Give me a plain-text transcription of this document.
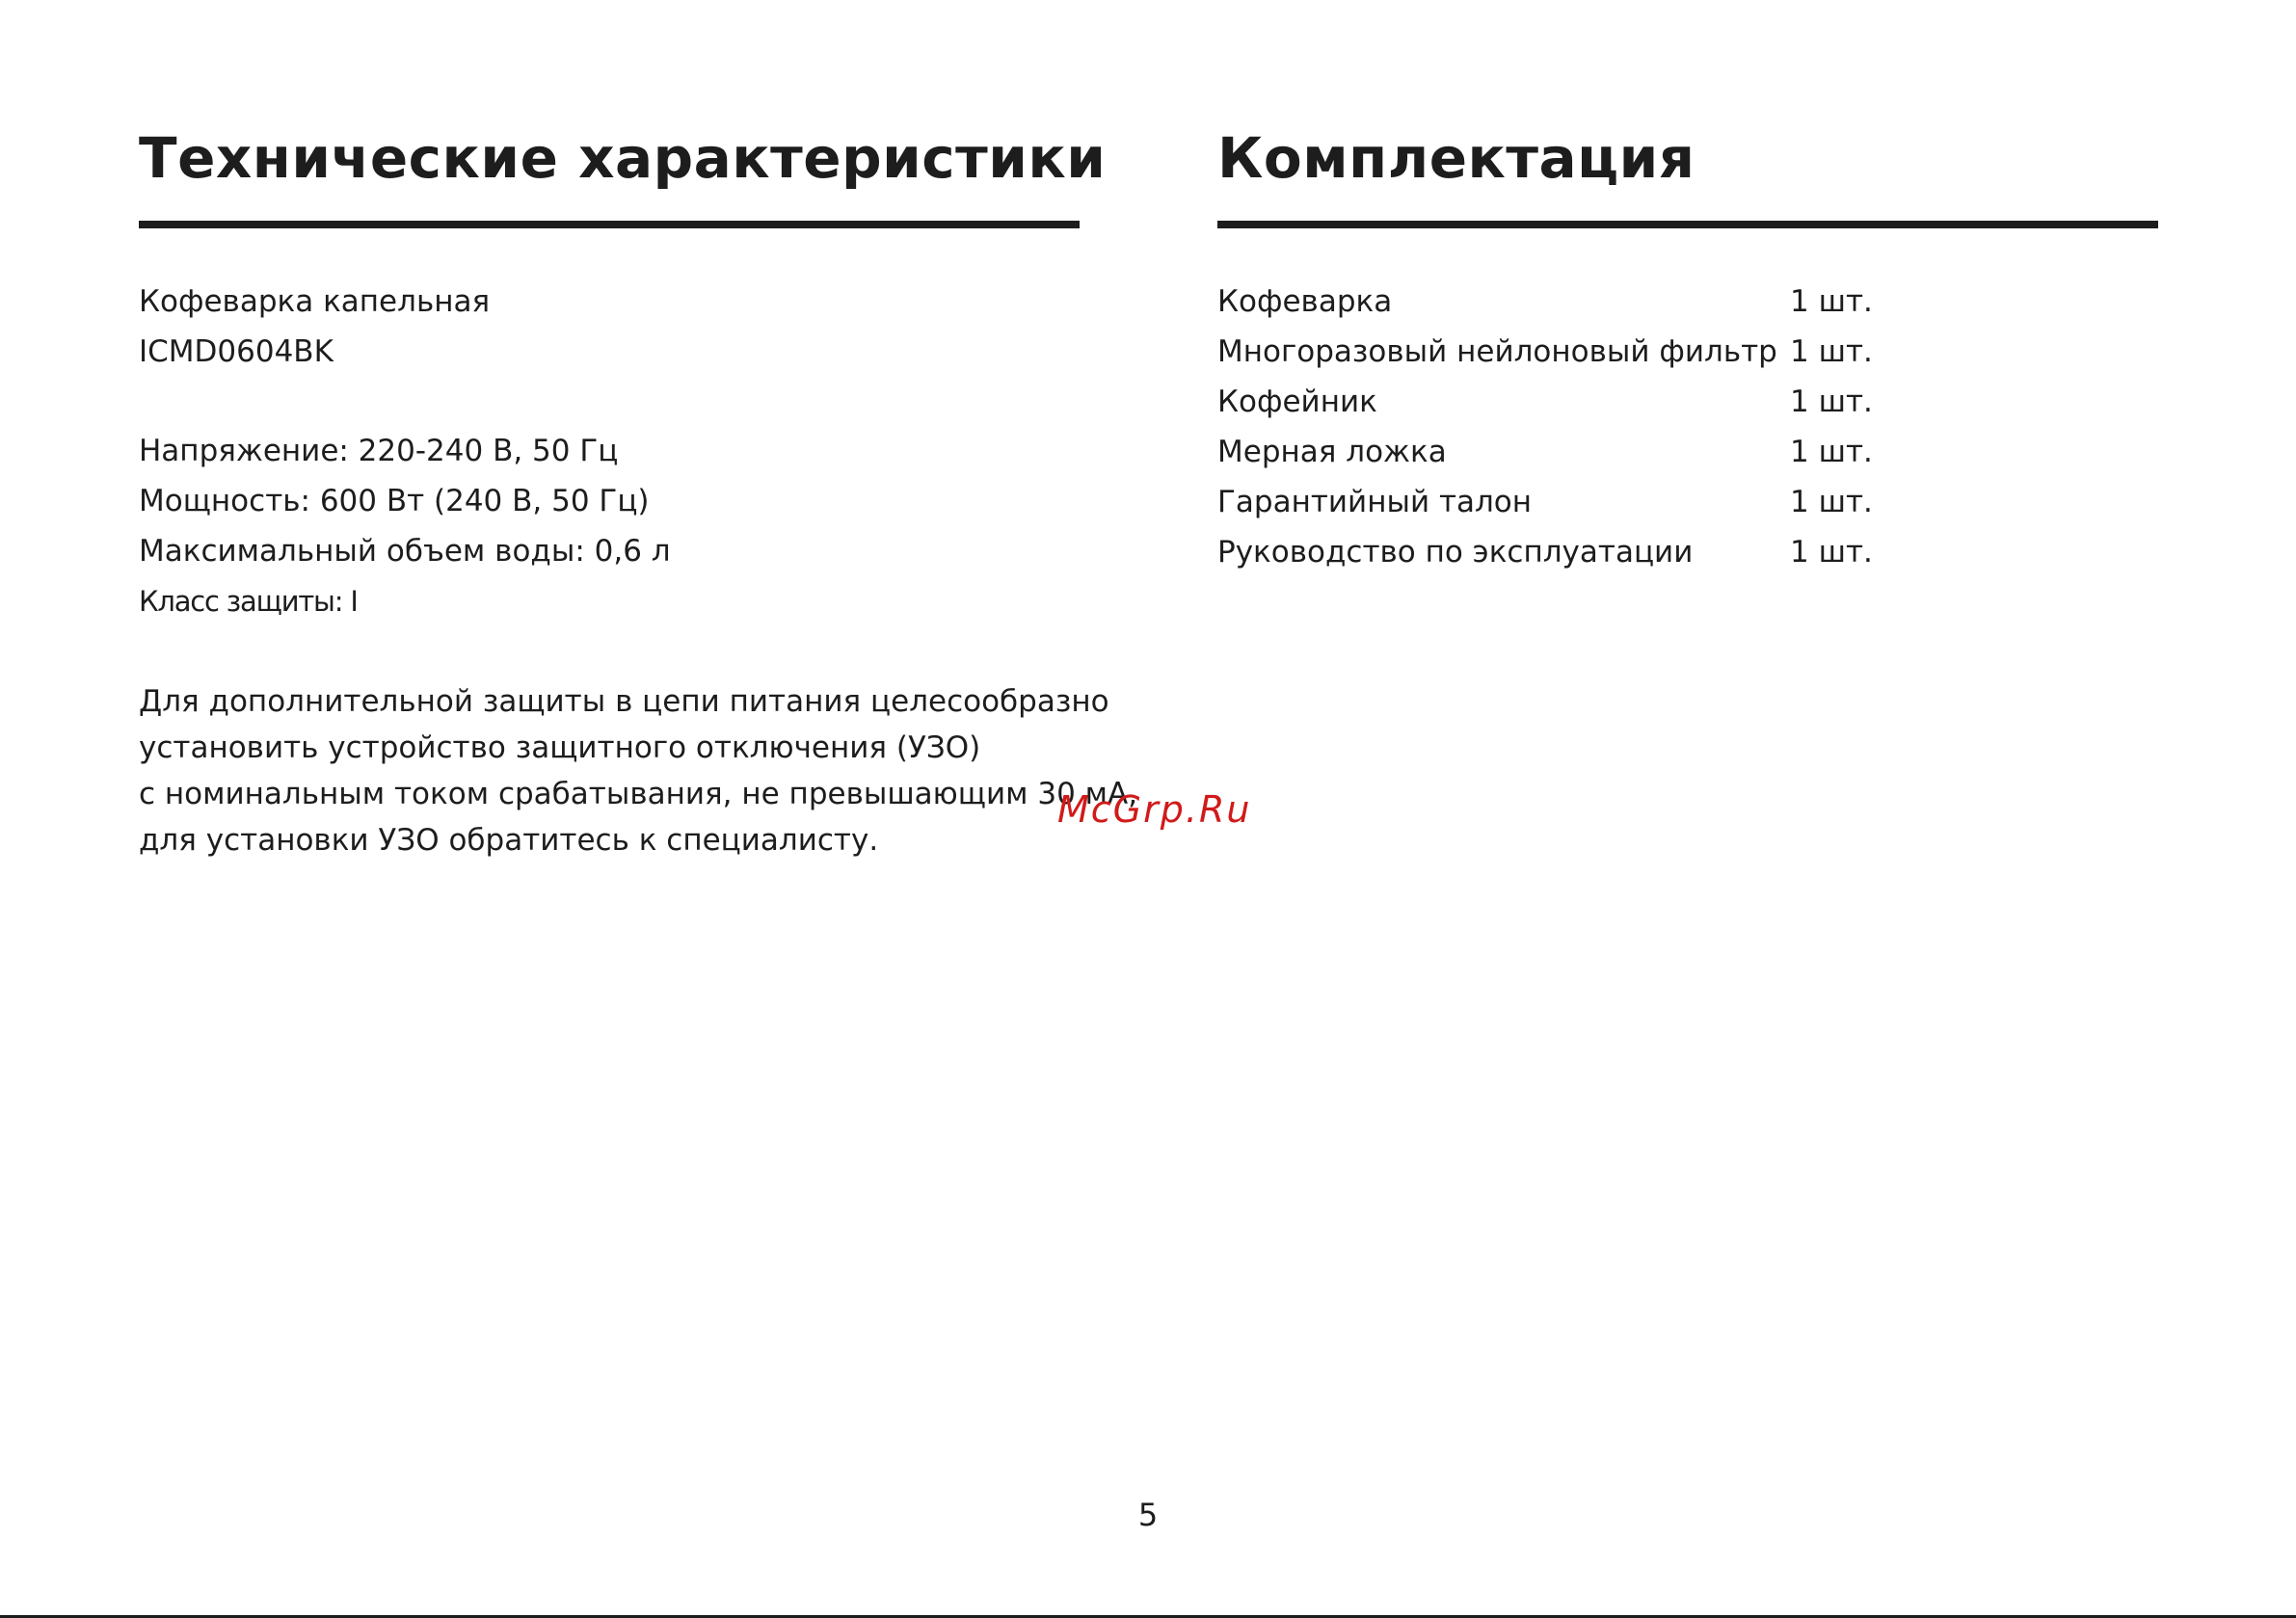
Технические характеристики
Кофеварка капельная
ICMD0604BK
Напряжение: 220-240 В, 50 Гц
Мощность: 600 Вт (240 В, 50 Гц)
Максимальный объем воды: 0,6 л
Класс защиты: I
Для дополнительной защиты в цепи питания целесообразно
установить устройство защитного отключения (УЗО)
с номинальным током срабатывания, не превышающим 30 мА,
для установки УЗО обратитесь к специалисту.
Комплектация
Кофеварка	1 шт.
Многоразовый нейлоновый фильтр 1 шт.
Кофейник	1 шт.
Мерная ложка	1 шт.
Гарантийный талон	1 шт.
Руководство по эксплуатации	1 шт.
McGrp.Ru
5
